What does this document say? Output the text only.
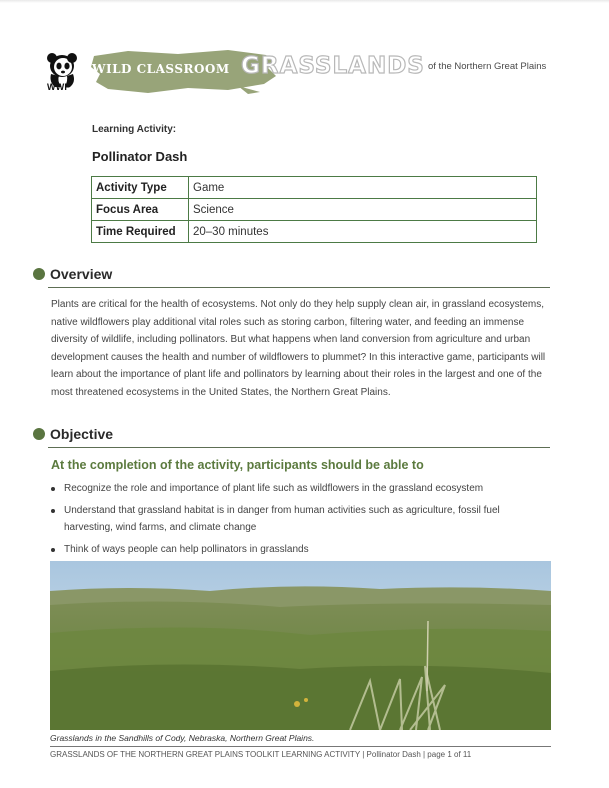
WWF
WILD CLASSROOM GRASSLANDS of the Northern Great Plains
Learning Activity:
Pollinator Dash
Activity Type	Game
Focus Area	Science
Time Required	20–30 minutes
Overview

Plants are critical for the health of ecosystems. Not only do they help supply clean air, in grassland ecosystems, native wildflowers play additional vital roles such as storing carbon, filtering water, and feeding an immense diversity of wildlife, including pollinators. But what happens when land conversion from agriculture and urban development causes the health and number of wildflowers to plummet? In this interactive game, participants will learn about the importance of plant life and pollinators by learning about their roles in the largest and one of the most threatened ecosystems in the United States, the Northern Great Plains.

Objective
At the completion of the activity, participants should be able to
Recognize the role and importance of plant life such as wildflowers in the grassland ecosystem
Understand that grassland habitat is in danger from human activities such as agriculture, fossil fuel harvesting, wind farms, and climate change
Think of ways people can help pollinators in grasslands
Grasslands in the Sandhills of Cody, Nebraska, Northern Great Plains.
GRASSLANDS OF THE NORTHERN GREAT PLAINS TOOLKIT LEARNING ACTIVITY | Pollinator Dash | page 1 of 11
